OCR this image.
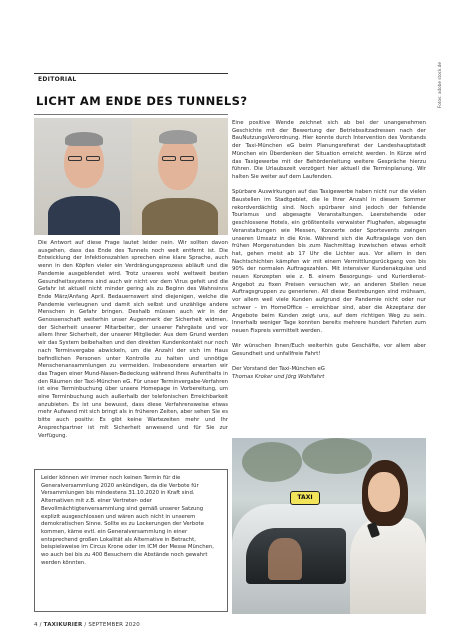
Fotos: adobe stock.de
EDITORIAL
LICHT AM ENDE DES TUNNELS?

Die Antwort auf diese Frage lautet leider nein. Wir sollten davon ausgehen, dass das Ende des Tunnels noch weit entfernt ist. Die Entwicklung der Infektionszahlen sprechen eine klare Sprache, auch wenn in den Köpfen vieler ein Verdrängungsprozess abläuft und die Pandemie ausgeblendet wird. Trotz unseres wohl weltweit besten Gesundheitssystems sind auch wir nicht vor dem Virus gefeit und die Gefahr ist aktuell nicht minder gering als zu Beginn des Wahnsinns Ende März/Anfang April. Bedauernswert sind diejenigen, welche die Pandemie verleugnen und damit sich selbst und unzählige andere Menschen in Gefahr bringen. Deshalb müssen auch wir in der Genossenschaft weiterhin unser Augenmerk der Sicherheit widmen, der Sicherheit unserer Mitarbeiter, der unserer Fahrgäste und vor allem Ihrer Sicherheit, der unserer Mitglieder. Aus dem Grund werden wir das System beibehalten und den direkten Kundenkontakt nur noch nach Terminvergabe abwickeln, um die Anzahl der sich im Haus befindlichen Personen unter Kontrolle zu halten und unnötige Menschenansammlungen zu vermeiden. Insbesondere erwarten wir das Tragen einer Mund-Nasen-Bedeckung während Ihres Aufenthalts in den Räumen der Taxi-München eG. Für unser Terminvergabe-Verfahren ist eine Terminbuchung über unsere Homepage in Vorbereitung, um eine Terminbuchung auch außerhalb der telefonischen Erreichbarkeit anzubieten. Es ist uns bewusst, dass diese Verfahrensweise etwas mehr Aufwand mit sich bringt als in früheren Zeiten, aber sehen Sie es bitte auch positiv: Es gibt keine Wartezeiten mehr und Ihr Ansprechpartner ist mit Sicherheit anwesend und für Sie zur Verfügung.

Leider können wir immer noch keinen Termin für die Generalversammlung 2020 ankündigen, da die Verbote für Versammlungen bis mindestens 31.10.2020 in Kraft sind. Alternativen mit z.B. einer Vertreter- oder Bevollmächtigtenversammlung sind gemäß unserer Satzung explizit ausgeschlossen und wären auch nicht in unserem demokratischen Sinne. Sollte es zu Lockerungen der Verbote kommen, käme evtl. ein Generalversammlung in einer entsprechend großen Lokalität als Alternative in Betracht, beispielsweise im Circus Krone oder im ICM der Messe München, wo auch bei bis zu 400 Besuchern die Abstände noch gewahrt werden könnten.

Eine positive Wende zeichnet sich ab bei der unangenehmen Geschichte mit der Bewertung der Betriebssitzadressen nach der BauNutzungsVerordnung. Hier konnte durch Intervention des Vorstands der Taxi-München eG beim Planungsreferat der Landeshauptstadt München ein Überdenken der Situation erreicht werden. In Kürze wird das Taxigewerbe mit der Behördenleitung weitere Gespräche hierzu führen. Die Urlaubszeit verzögert hier aktuell die Terminplanung. Wir halten Sie weiter auf dem Laufenden.

Spürbare Auswirkungen auf das Taxigewerbe haben nicht nur die vielen Baustellen im Stadtgebiet, die Ie Ihrer Anzahl in diesem Sommer rekordverdächtig sind. Noch spürbarer sind jedoch der fehlende Tourismus und abgesagte Veranstaltungen. Leerstehende oder geschlossene Hotels, ein größtenteils verwaister Flughafen, abgesagte Veranstaltungen wie Messen, Konzerte oder Sportevents zwingen unseren Umsatz in die Knie. Während sich die Auftragslage von den frühen Morgenstunden bis zum Nachmittag inzwischen etwas erholt hat, gehen meist ab 17 Uhr die Lichter aus. Vor allem in den Nachtschichten kämpfen wir mit einem Vermittlungsrückgang von bis 90% der normalen Auftragszahlen. Mit intensiver Kundenakquise und neuen Konzepten wie z. B. einem Besorgungs- und Kurierdienst-Angebot zu fixen Preisen versuchen wir, an anderen Stellen neue Auftragsgruppen zu generieren. All diese Bestrebungen sind mühsam, vor allem weil viele Kunden aufgrund der Pandemie nicht oder nur schwer – im HomeOffice – erreichbar sind, aber die Akzeptanz der Angebote beim Kunden zeigt uns, auf dem richtigen Weg zu sein. Innerhalb weniger Tage konnten bereits mehrere hundert Fahrten zum neuen Fixpreis vermittelt werden.

Wir wünschen Ihnen/Euch weiterhin gute Geschäfte, vor allem aber Gesundheit und unfallfreie Fahrt!

Der Vorstand der Taxi-München eG
Thomas Kroker und Jörg Wohlfahrt
TAXI
4 / TAXIKURIER / SEPTEMBER 2020
